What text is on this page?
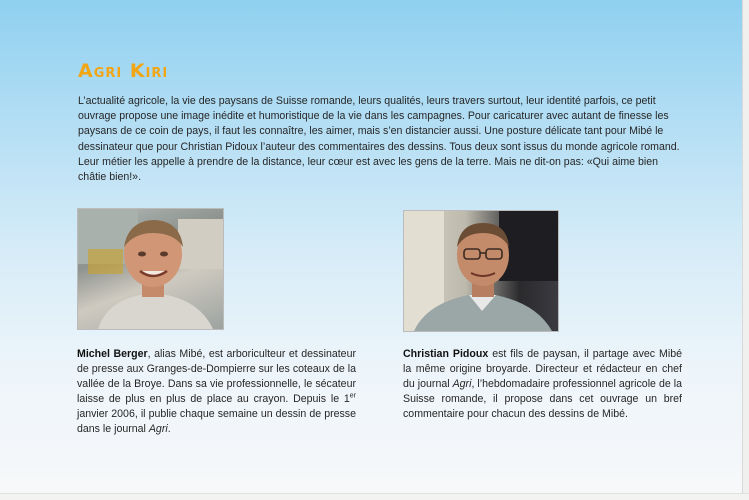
Agri Kiri

L’actualité agricole, la vie des paysans de Suisse romande, leurs qualités, leurs travers surtout, leur identité parfois, ce petit ouvrage propose une image inédite et humoristique de la vie dans les campagnes. Pour caricaturer avec autant de finesse les paysans de ce coin de pays, il faut les connaître, les aimer, mais s’en distancier aussi. Une posture délicate tant pour Mibé le dessinateur que pour Christian Pidoux l’auteur des commentaires des dessins. Tous deux sont issus du monde agricole romand. Leur métier les appelle à prendre de la distance, leur cœur est avec les gens de la terre. Mais ne dit-on pas: «Qui aime bien châtie bien!».

Michel Berger, alias Mibé, est arboriculteur et dessinateur de presse aux Granges-de-Dompierre sur les coteaux de la vallée de la Broye. Dans sa vie professionnelle, le sécateur laisse de plus en plus de place au crayon. Depuis le 1er janvier 2006, il publie chaque semaine un dessin de presse dans le journal Agri.

Christian Pidoux est fils de paysan, il partage avec Mibé la même origine broyarde. Directeur et rédacteur en chef du journal Agri, l’hebdomadaire professionnel agricole de la Suisse romande, il propose dans cet ouvrage un bref commentaire pour chacun des dessins de Mibé.
